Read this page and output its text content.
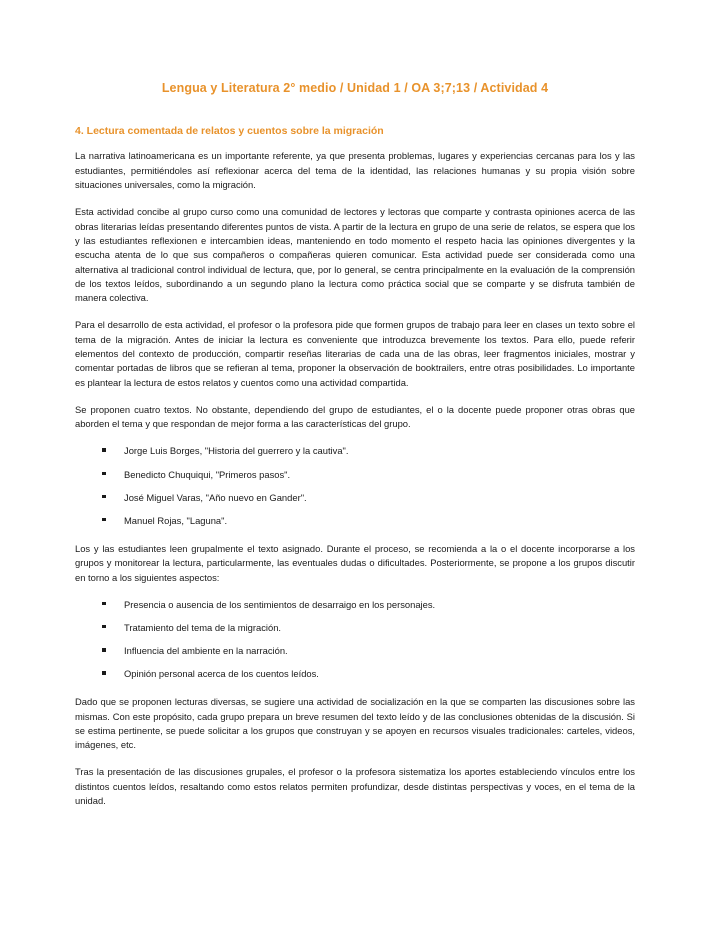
Lengua y Literatura 2° medio / Unidad 1 / OA 3;7;13 / Actividad 4
4. Lectura comentada de relatos y cuentos sobre la migración

La narrativa latinoamericana es un importante referente, ya que presenta problemas, lugares y experiencias cercanas para los y las estudiantes, permitiéndoles así reflexionar acerca del tema de la identidad, las relaciones humanas y su propia visión sobre situaciones universales, como la migración.

Esta actividad concibe al grupo curso como una comunidad de lectores y lectoras que comparte y contrasta opiniones acerca de las obras literarias leídas presentando diferentes puntos de vista. A partir de la lectura en grupo de una serie de relatos, se espera que los y las estudiantes reflexionen e intercambien ideas, manteniendo en todo momento el respeto hacia las opiniones divergentes y la escucha atenta de lo que sus compañeros o compañeras quieren comunicar. Esta actividad puede ser considerada como una alternativa al tradicional control individual de lectura, que, por lo general, se centra principalmente en la evaluación de la comprensión de los textos leídos, subordinando a un segundo plano la lectura como práctica social que se comparte y se disfruta también de manera colectiva.

Para el desarrollo de esta actividad, el profesor o la profesora pide que formen grupos de trabajo para leer en clases un texto sobre el tema de la migración. Antes de iniciar la lectura es conveniente que introduzca brevemente los textos. Para ello, puede referir elementos del contexto de producción, compartir reseñas literarias de cada una de las obras, leer fragmentos iniciales, mostrar y comentar portadas de libros que se refieran al tema, proponer la observación de booktrailers, entre otras posibilidades. Lo importante es plantear la lectura de estos relatos y cuentos como una actividad compartida.

Se proponen cuatro textos. No obstante, dependiendo del grupo de estudiantes, el o la docente puede proponer otras obras que aborden el tema y que respondan de mejor forma a las características del grupo.

Jorge Luis Borges, "Historia del guerrero y la cautiva".
Benedicto Chuquiqui, "Primeros pasos".
José Miguel Varas, "Año nuevo en Gander".
Manuel Rojas, "Laguna".

Los y las estudiantes leen grupalmente el texto asignado. Durante el proceso, se recomienda a la o el docente incorporarse a los grupos y monitorear la lectura, particularmente, las eventuales dudas o dificultades. Posteriormente, se propone a los grupos discutir en torno a los siguientes aspectos:

Presencia o ausencia de los sentimientos de desarraigo en los personajes.
Tratamiento del tema de la migración.
Influencia del ambiente en la narración.
Opinión personal acerca de los cuentos leídos.

Dado que se proponen lecturas diversas, se sugiere una actividad de socialización en la que se comparten las discusiones sobre las mismas. Con este propósito, cada grupo prepara un breve resumen del texto leído y de las conclusiones obtenidas de la discusión. Si se estima pertinente, se puede solicitar a los grupos que construyan y se apoyen en recursos visuales tradicionales: carteles, videos, imágenes, etc.

Tras la presentación de las discusiones grupales, el profesor o la profesora sistematiza los aportes estableciendo vínculos entre los distintos cuentos leídos, resaltando como estos relatos permiten profundizar, desde distintas perspectivas y voces, en el tema de la unidad.
